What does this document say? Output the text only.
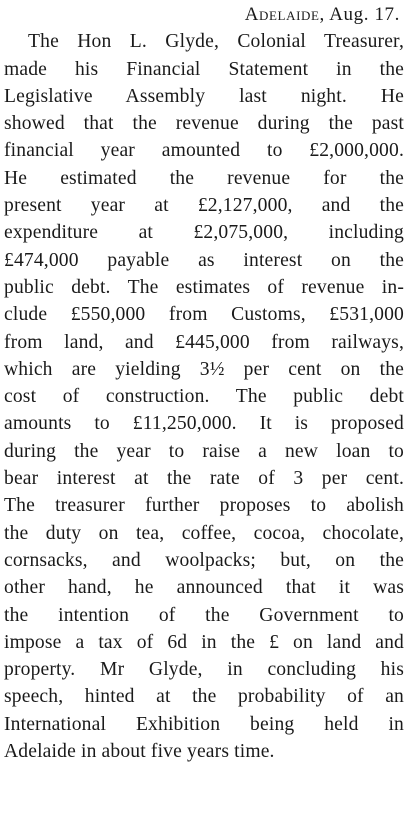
Adelaide, Aug. 17.
The Hon L. Glyde, Colonial Treasurer,
made his Financial Statement in the
Legislative Assembly last night. He
showed that the revenue during the past
financial year amounted to £2,000,000.
He estimated the revenue for the
present year at £2,127,000, and the
expenditure at £2,075,000, including
£474,000 payable as interest on the
public debt. The estimates of revenue in-
clude £550,000 from Customs, £531,000
from land, and £445,000 from railways,
which are yielding 3½ per cent on the
cost of construction. The public debt
amounts to £11,250,000. It is proposed
during the year to raise a new loan to
bear interest at the rate of 3 per cent.
The treasurer further proposes to abolish
the duty on tea, coffee, cocoa, chocolate,
cornsacks, and woolpacks; but, on the
other hand, he announced that it was
the intention of the Government to
impose a tax of 6d in the £ on land and
property. Mr Glyde, in concluding his
speech, hinted at the probability of an
International Exhibition being held in
Adelaide in about five years time.
